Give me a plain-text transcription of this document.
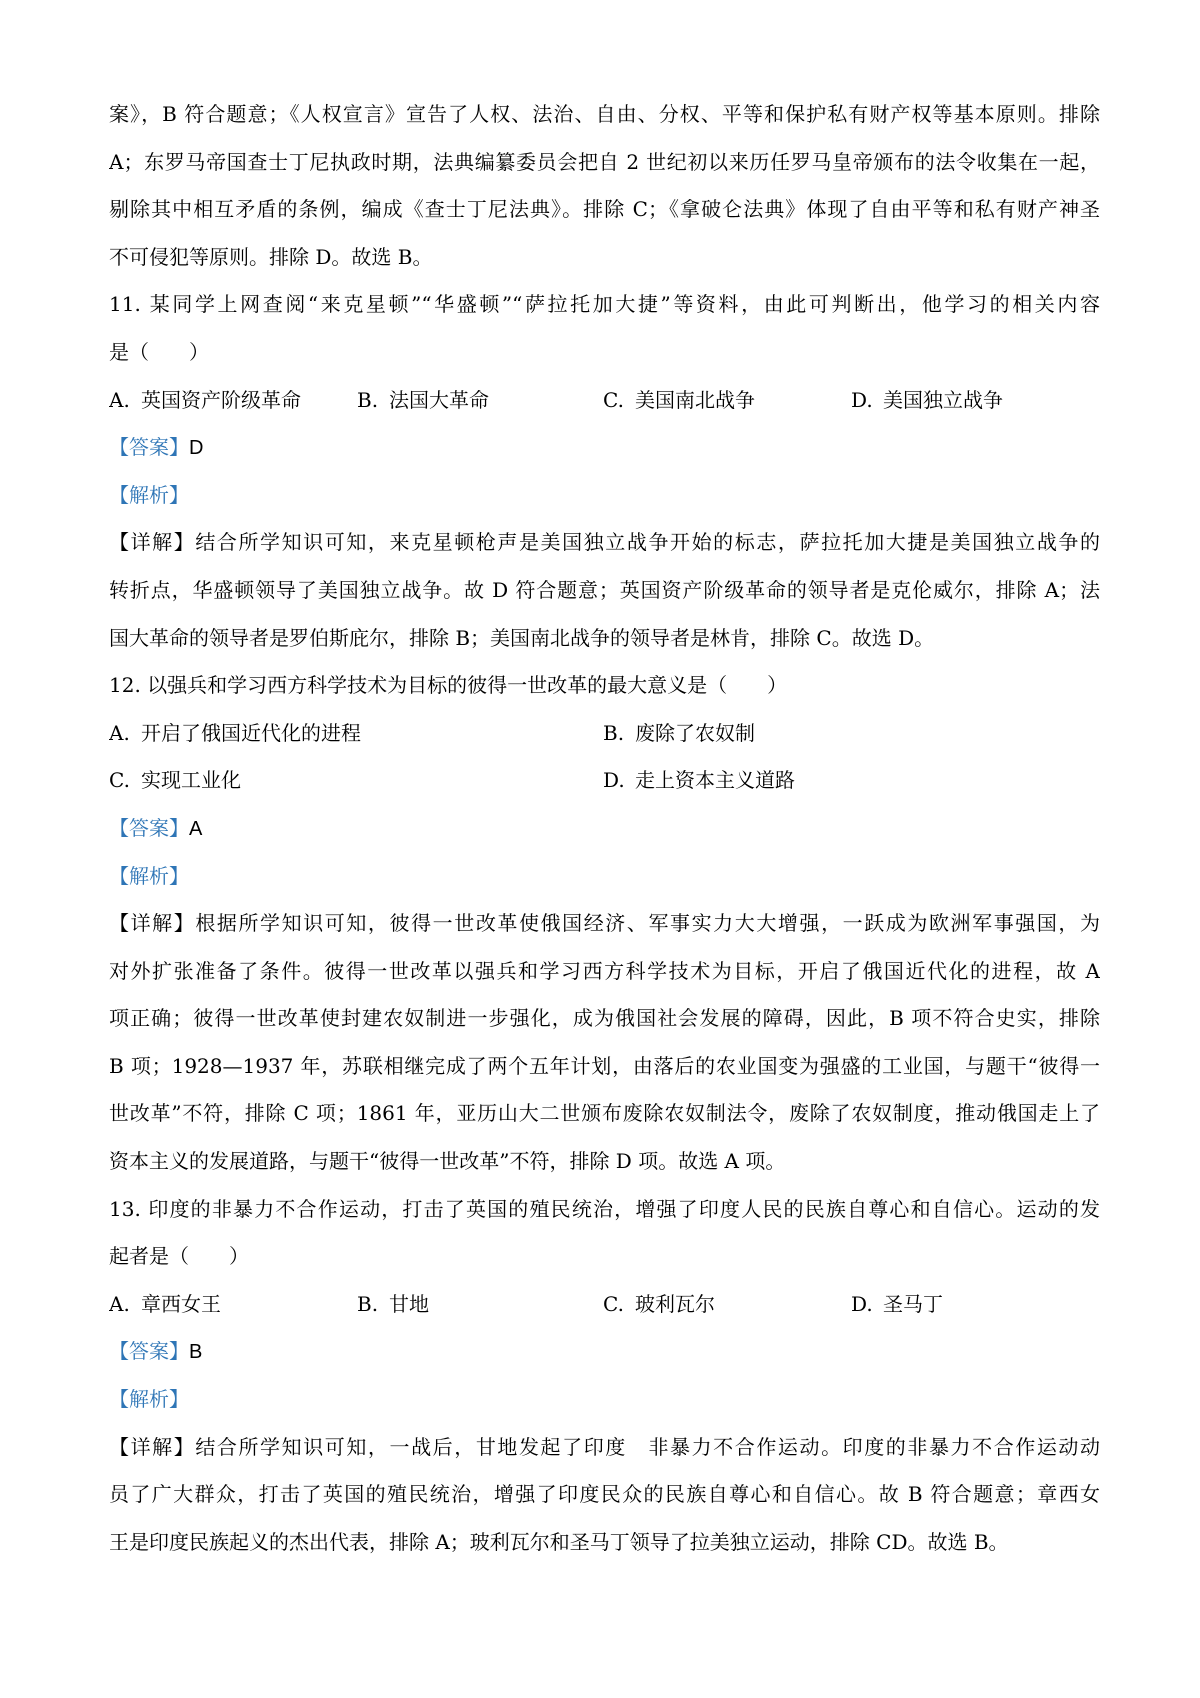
案》，B 符合题意；《人权宣言》宣告了人权、法治、自由、分权、平等和保护私有财产权等基本原则。排除
A；东罗马帝国查士丁尼执政时期，法典编纂委员会把自 2 世纪初以来历任罗马皇帝颁布的法令收集在一起，
剔除其中相互矛盾的条例，编成《查士丁尼法典》。排除 C；《拿破仑法典》体现了自由平等和私有财产神圣
不可侵犯等原则。排除 D。故选 B。
11. 某同学上网查阅“来克星顿”“华盛顿”“萨拉托加大捷”等资料，由此可判断出，他学习的相关内容
是（　　）
A. 英国资产阶级革命	B. 法国大革命	C. 美国南北战争	D. 美国独立战争
【答案】D
【解析】
【详解】结合所学知识可知，来克星顿枪声是美国独立战争开始的标志，萨拉托加大捷是美国独立战争的
转折点，华盛顿领导了美国独立战争。故 D 符合题意；英国资产阶级革命的领导者是克伦威尔，排除 A；法
国大革命的领导者是罗伯斯庇尔，排除 B；美国南北战争的领导者是林肯，排除 C。故选 D。
12. 以强兵和学习西方科学技术为目标的彼得一世改革的最大意义是（　　）
A. 开启了俄国近代化的进程	B. 废除了农奴制
C. 实现工业化	D. 走上资本主义道路
【答案】A
【解析】
【详解】根据所学知识可知，彼得一世改革使俄国经济、军事实力大大增强，一跃成为欧洲军事强国，为
对外扩张准备了条件。彼得一世改革以强兵和学习西方科学技术为目标，开启了俄国近代化的进程，故 A
项正确；彼得一世改革使封建农奴制进一步强化，成为俄国社会发展的障碍，因此，B 项不符合史实，排除
B 项；1928—1937 年，苏联相继完成了两个五年计划，由落后的农业国变为强盛的工业国，与题干“彼得一
世改革”不符，排除 C 项；1861 年，亚历山大二世颁布废除农奴制法令，废除了农奴制度，推动俄国走上了
资本主义的发展道路，与题干“彼得一世改革”不符，排除 D 项。故选 A 项。
13. 印度的非暴力不合作运动，打击了英国的殖民统治，增强了印度人民的民族自尊心和自信心。运动的发
起者是（　　）
A. 章西女王	B. 甘地	C. 玻利瓦尔	D. 圣马丁
【答案】B
【解析】
【详解】结合所学知识可知，一战后，甘地发起了印度　非暴力不合作运动。印度的非暴力不合作运动动
员了广大群众，打击了英国的殖民统治，增强了印度民众的民族自尊心和自信心。故 B 符合题意；章西女
王是印度民族起义的杰出代表，排除 A；玻利瓦尔和圣马丁领导了拉美独立运动，排除 CD。故选 B。
